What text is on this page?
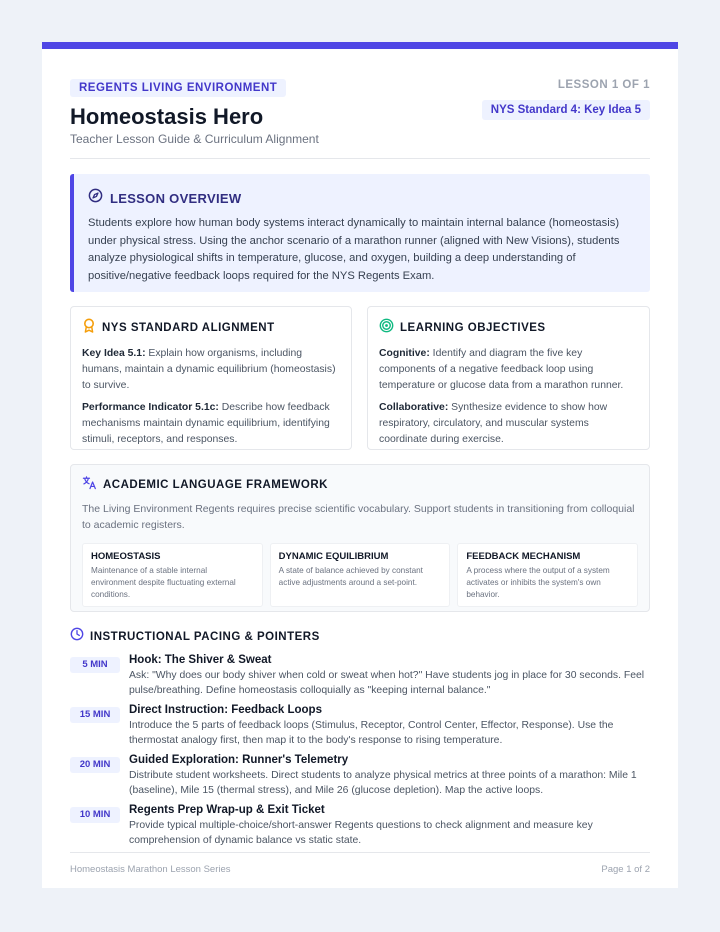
REGENTS LIVING ENVIRONMENT
Homeostasis Hero
Teacher Lesson Guide & Curriculum Alignment
LESSON 1 OF 1
NYS Standard 4: Key Idea 5
LESSON OVERVIEW

Students explore how human body systems interact dynamically to maintain internal balance (homeostasis) under physical stress. Using the anchor scenario of a marathon runner (aligned with New Visions), students analyze physiological shifts in temperature, glucose, and oxygen, building a deep understanding of positive/negative feedback loops required for the NYS Regents Exam.

NYS STANDARD ALIGNMENT

Key Idea 5.1: Explain how organisms, including humans, maintain a dynamic equilibrium (homeostasis) to survive.

Performance Indicator 5.1c: Describe how feedback mechanisms maintain dynamic equilibrium, identifying stimuli, receptors, and responses.

LEARNING OBJECTIVES

Cognitive: Identify and diagram the five key components of a negative feedback loop using temperature or glucose data from a marathon runner.

Collaborative: Synthesize evidence to show how respiratory, circulatory, and muscular systems coordinate during exercise.

ACADEMIC LANGUAGE FRAMEWORK

The Living Environment Regents requires precise scientific vocabulary. Support students in transitioning from colloquial to academic registers.

HOMEOSTASIS
Maintenance of a stable internal environment despite fluctuating external conditions.
DYNAMIC EQUILIBRIUM
A state of balance achieved by constant active adjustments around a set-point.
FEEDBACK MECHANISM
A process where the output of a system activates or inhibits the system's own behavior.
INSTRUCTIONAL PACING & POINTERS
5 MIN	Hook: The Shiver & Sweat
Ask: "Why does our body shiver when cold or sweat when hot?" Have students jog in place for 30 seconds. Feel pulse/breathing. Define homeostasis colloquially as "keeping internal balance."
15 MIN	Direct Instruction: Feedback Loops
Introduce the 5 parts of feedback loops (Stimulus, Receptor, Control Center, Effector, Response). Use the thermostat analogy first, then map it to the body's response to rising temperature.
20 MIN	Guided Exploration: Runner's Telemetry
Distribute student worksheets. Direct students to analyze physical metrics at three points of a marathon: Mile 1 (baseline), Mile 15 (thermal stress), and Mile 26 (glucose depletion). Map the active loops.
10 MIN	Regents Prep Wrap-up & Exit Ticket
Provide typical multiple-choice/short-answer Regents questions to check alignment and measure key comprehension of dynamic balance vs static state.
Homeostasis Marathon Lesson Series	Page 1 of 2
